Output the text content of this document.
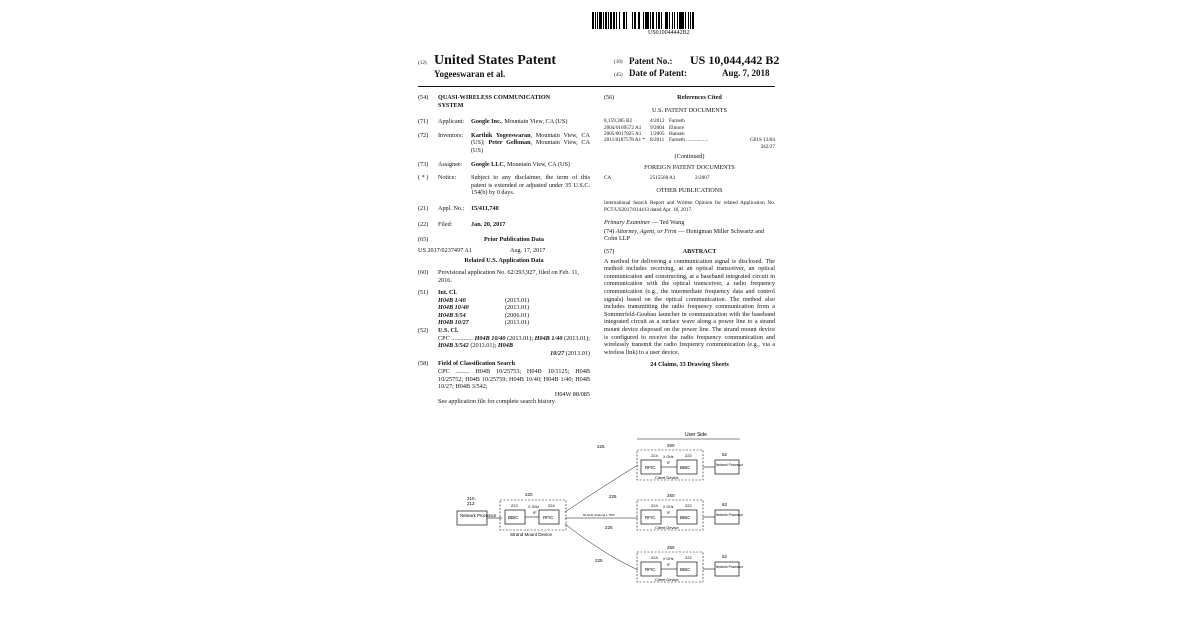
US010044442B2
(12) United States Patent
Yogeeswaran et al.
(10) Patent No.: US 10,044,442 B2
(45) Date of Patent:	Aug. 7, 2018
(54)	QUASI-WIRELESS COMMUNICATION SYSTEM
(71)	Applicant:	Google Inc., Mountain View, CA (US)
(72)	Inventors:	Karthik Yogeeswaran, Mountain View, CA (US); Peter Gelbman, Mountain View, CA (US)
(73)	Assignee:	Google LLC, Mountain View, CA (US)
( * )	Notice:	Subject to any disclaimer, the term of this patent is extended or adjusted under 35 U.S.C. 154(b) by 0 days.
(21)	Appl. No.:	15/411,740
(22)	Filed:	Jan. 20, 2017
(65)	Prior Publication Data
US 2017/0237497 A1	Aug. 17, 2017
Related U.S. Application Data
(60)	Provisional application No. 62/293,927, filed on Feb. 11, 2016.
(51)	Int. Cl.
H04B 1/40	(2015.01)
H04B 10/40	(2013.01)
H04B 3/54	(2006.01)
H04B 10/27	(2013.01)
(52)	U.S. Cl.
CPC .............. H04B 10/40 (2013.01); H04B 1/40 (2013.01); H04B 3/542 (2013.01); H04B
10/27 (2013.01)
(58)	Field of Classification Search
CPC ......... H04B 10/25753; H04B 10/1125; H04B 10/25752; H04B 10/25759; H04B 10/40; H04B 1/40; H04B 10/27; H04B 3/542;
H04W 88/085
See application file for complete search history.
(56)	References Cited
U.S. PATENT DOCUMENTS
8,159,385 B2	4/2012 Farneth
2004/0169572 A1	9/2004 Elmore
2005/0017825 A1	1/2005 Hansen
2011/0187578 A1 * 8/2011 Farneth .................	G01S 13/04
342/27
(Continued)
FOREIGN PATENT DOCUMENTS
CA	2515560 A1	2/2007
OTHER PUBLICATIONS
International Search Report and Written Opinion for related Application No. PCT/US2017/014413 dated Apr. 18, 2017.
Primary Examiner — Ted Wang
(74) Attorney, Agent, or Firm — Honigman Miller Schwartz and Cohn LLP
(57)	ABSTRACT
A method for delivering a communication signal is disclosed. The method includes receiving, at an optical transceiver, an optical communication and constructing, at a baseband integrated circuit in communication with the optical transceiver, a radio frequency communication (e.g., the intermediate frequency data and control signals) based on the optical communication. The method also includes transmitting the radio frequency communication from a Sommerfeld-Goubau launcher in communication with the baseband integrated circuit as a surface wave along a power line to a strand mount device disposed on the power line. The strand mount device is configured to receive the radio frequency communication and wirelessly transmit the radio frequency communication (e.g., via a wireless link) to a user device.
24 Claims, 33 Drawing Sheets
User Side
Network Processor
210,
212
220
BBIC	RFIC
222	224
X GHz
IF
Strand Mount Device
226
60 GHz Channel 1 TDD
225
225
225
250
RFIC	BBIC
224	222
X GHz
IF
Client Device
Network Processor
62
250
RFIC	BBIC
224	222
X GHz
IF
Client Device
Network Processor
62
250
RFIC	BBIC
224	222
X GHz
IF
Client Device
Network Processor
62
